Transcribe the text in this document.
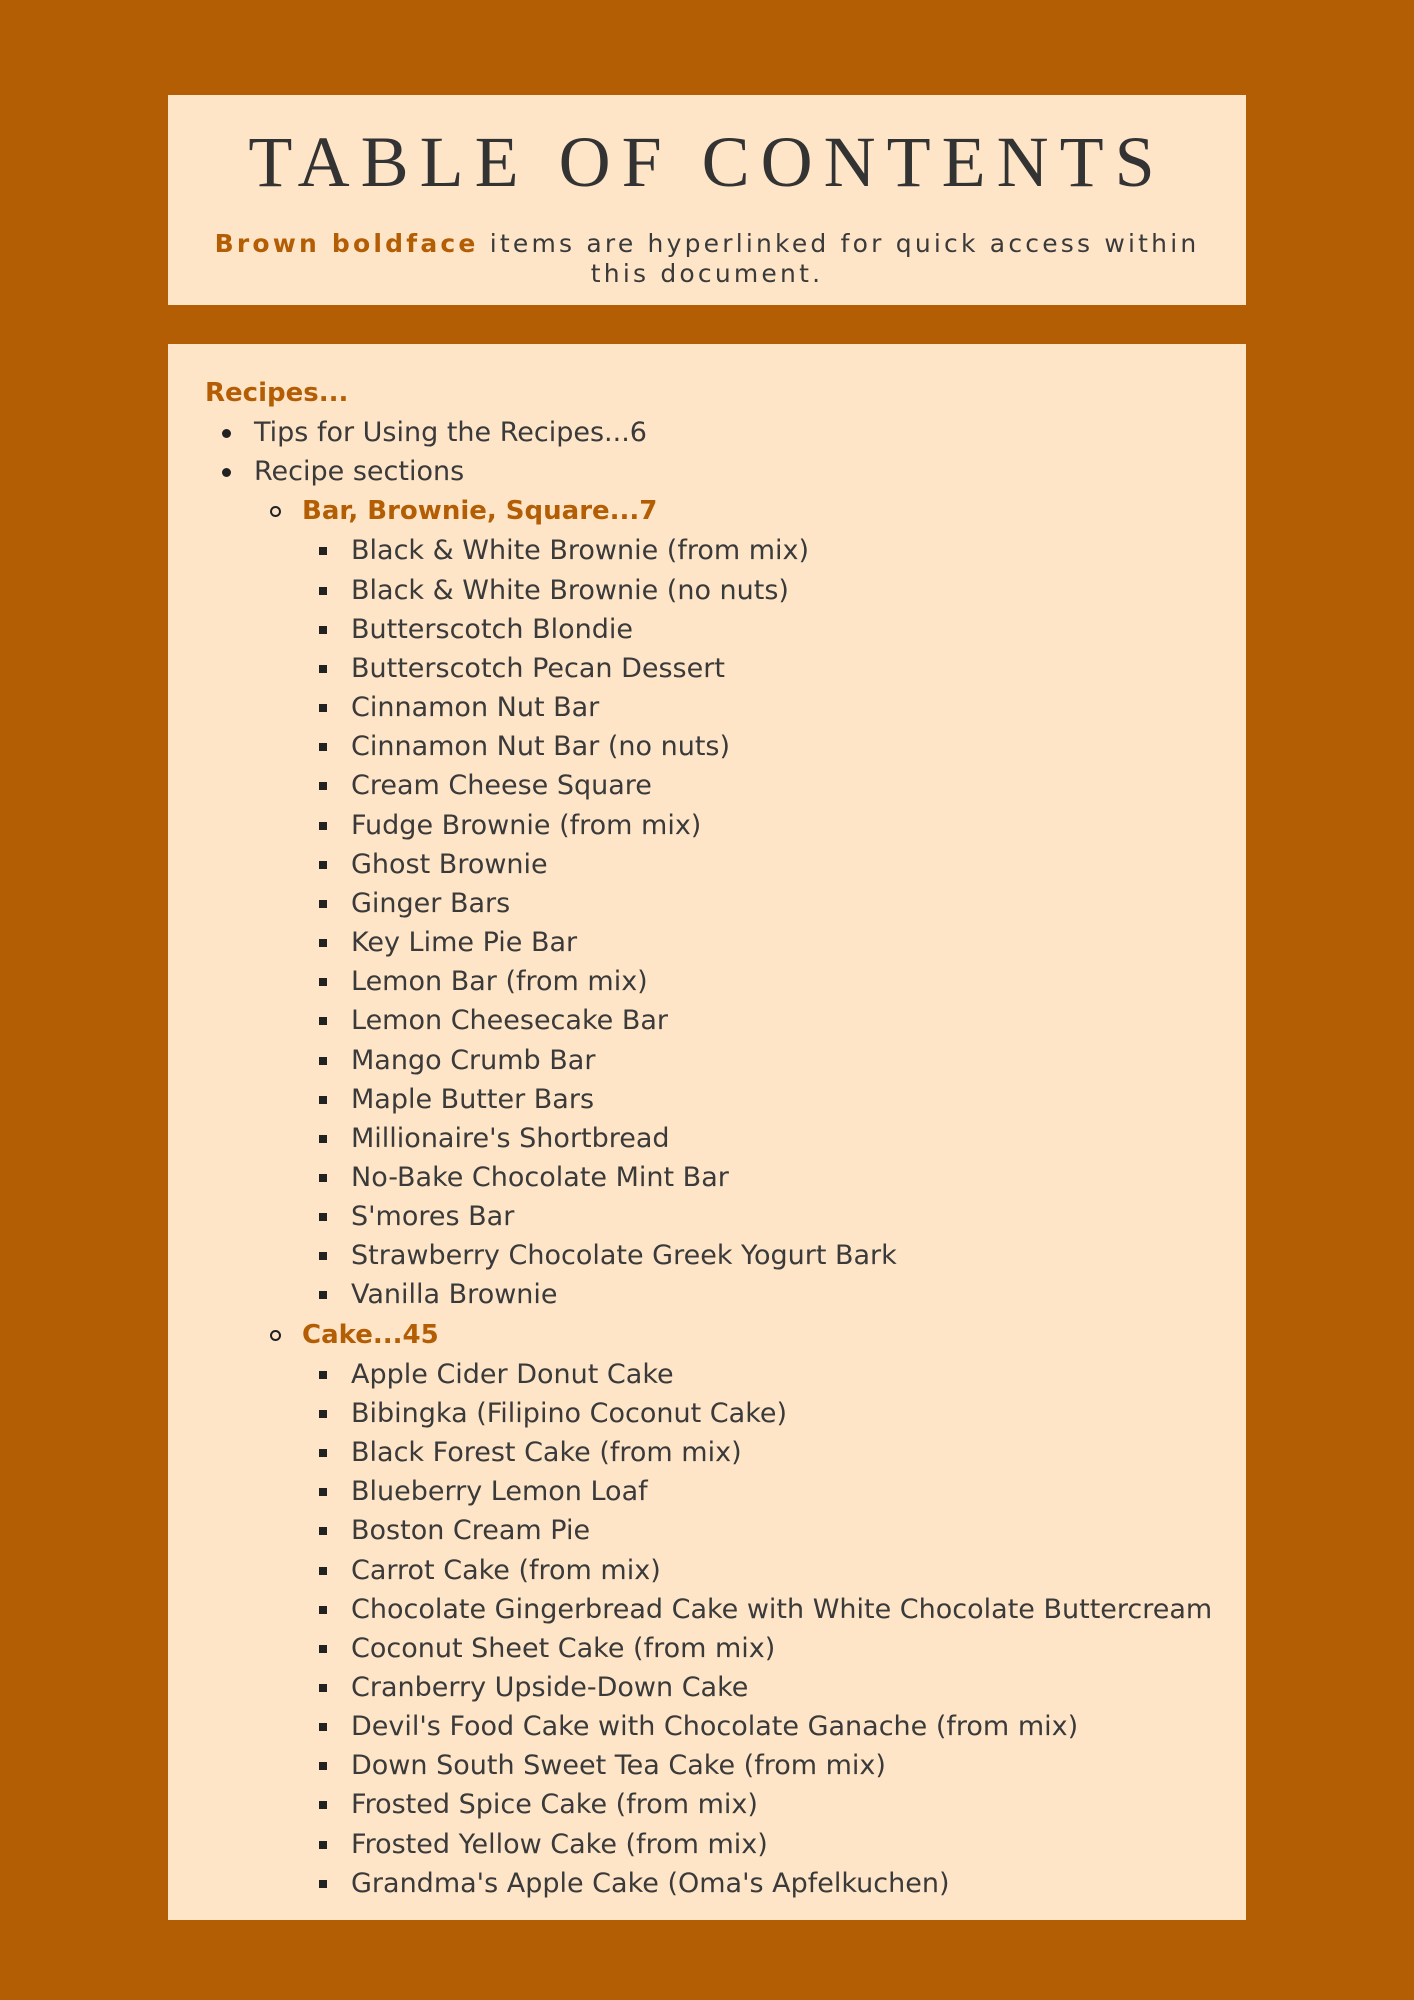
TABLE OF CONTENTS

Brown boldface items are hyperlinked for quick access within this document.

Recipes...
Tips for Using the Recipes...6
Recipe sections
Bar, Brownie, Square...7
Black & White Brownie (from mix)
Black & White Brownie (no nuts)
Butterscotch Blondie
Butterscotch Pecan Dessert
Cinnamon Nut Bar
Cinnamon Nut Bar (no nuts)
Cream Cheese Square
Fudge Brownie (from mix)
Ghost Brownie
Ginger Bars
Key Lime Pie Bar
Lemon Bar (from mix)
Lemon Cheesecake Bar
Mango Crumb Bar
Maple Butter Bars
Millionaire's Shortbread
No-Bake Chocolate Mint Bar
S'mores Bar
Strawberry Chocolate Greek Yogurt Bark
Vanilla Brownie
Cake...45
Apple Cider Donut Cake
Bibingka (Filipino Coconut Cake)
Black Forest Cake (from mix)
Blueberry Lemon Loaf
Boston Cream Pie
Carrot Cake (from mix)
Chocolate Gingerbread Cake with White Chocolate Buttercream
Coconut Sheet Cake (from mix)
Cranberry Upside-Down Cake
Devil's Food Cake with Chocolate Ganache (from mix)
Down South Sweet Tea Cake (from mix)
Frosted Spice Cake (from mix)
Frosted Yellow Cake (from mix)
Grandma's Apple Cake (Oma's Apfelkuchen)
